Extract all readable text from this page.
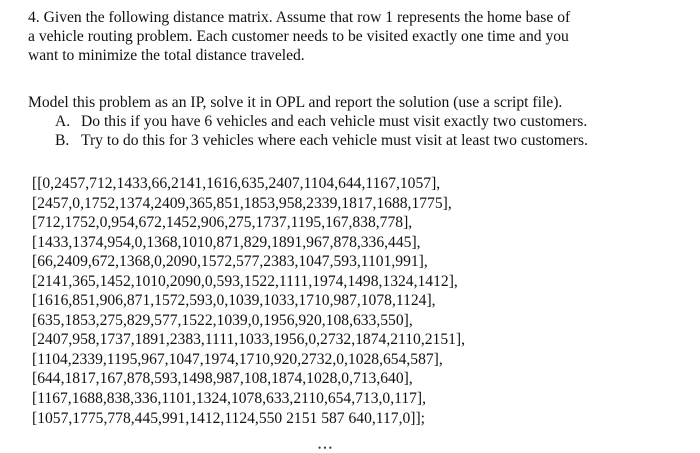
4. Given the following distance matrix. Assume that row 1 represents the home base of
a vehicle routing problem. Each customer needs to be visited exactly one time and you
want to minimize the total distance traveled.
Model this problem as an IP, solve it in OPL and report the solution (use a script file).
A. Do this if you have 6 vehicles and each vehicle must visit exactly two customers.
B. Try to do this for 3 vehicles where each vehicle must visit at least two customers.
[[0,2457,712,1433,66,2141,1616,635,2407,1104,644,1167,1057],
[2457,0,1752,1374,2409,365,851,1853,958,2339,1817,1688,1775],
[712,1752,0,954,672,1452,906,275,1737,1195,167,838,778],
[1433,1374,954,0,1368,1010,871,829,1891,967,878,336,445],
[66,2409,672,1368,0,2090,1572,577,2383,1047,593,1101,991],
[2141,365,1452,1010,2090,0,593,1522,1111,1974,1498,1324,1412],
[1616,851,906,871,1572,593,0,1039,1033,1710,987,1078,1124],
[635,1853,275,829,577,1522,1039,0,1956,920,108,633,550],
[2407,958,1737,1891,2383,1111,1033,1956,0,2732,1874,2110,2151],
[1104,2339,1195,967,1047,1974,1710,920,2732,0,1028,654,587],
[644,1817,167,878,593,1498,987,108,1874,1028,0,713,640],
[1167,1688,838,336,1101,1324,1078,633,2110,654,713,0,117],
[1057,1775,778,445,991,1412,1124,550 2151 587 640,117,0]];
• • •
